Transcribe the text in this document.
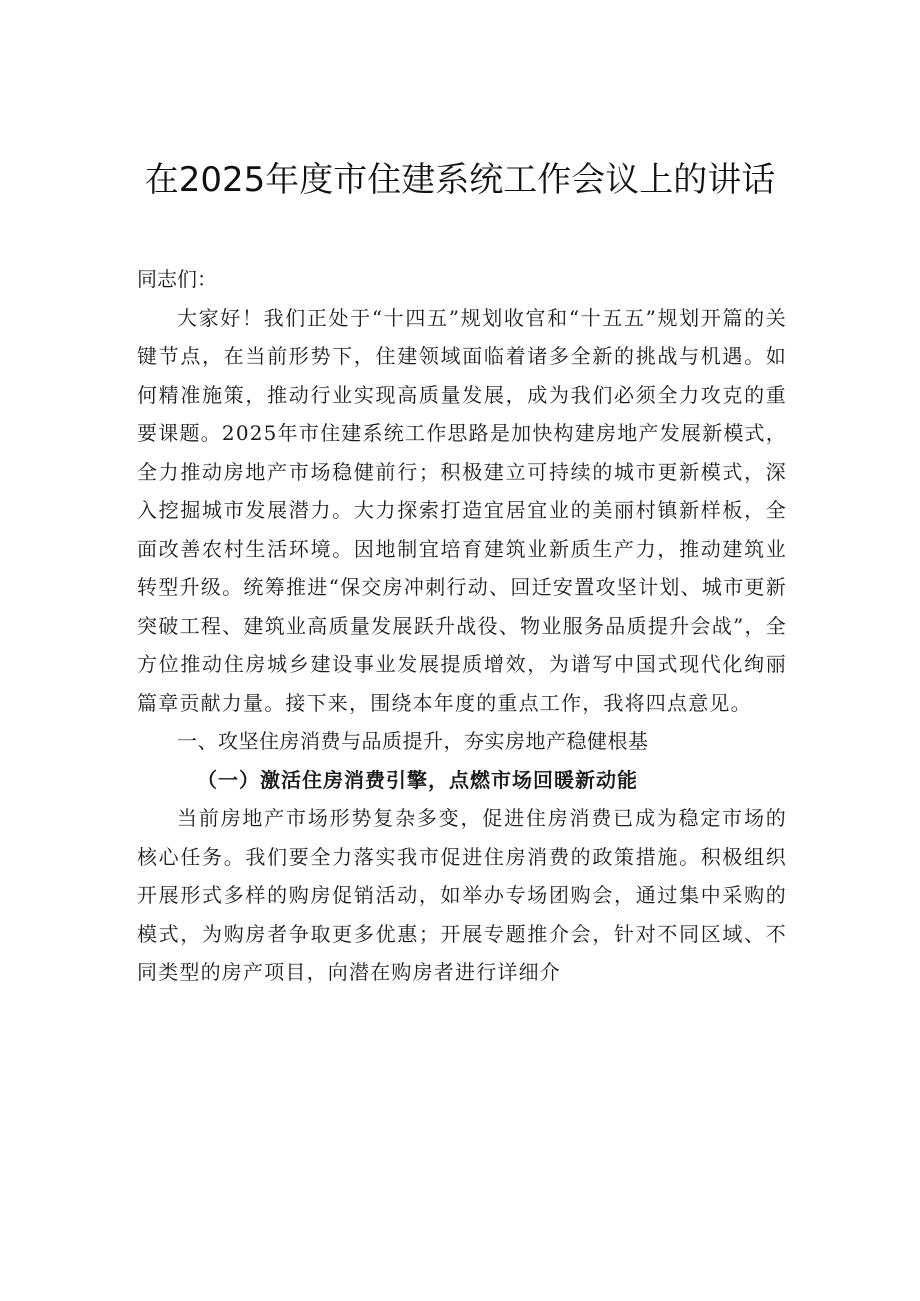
在2025年度市住建系统工作会议上的讲话

同志们：

大家好！我们正处于“十四五”规划收官和“十五五”规划开篇的关键节点，在当前形势下，住建领域面临着诸多全新的挑战与机遇。如何精准施策，推动行业实现高质量发展，成为我们必须全力攻克的重要课题。2025年市住建系统工作思路是加快构建房地产发展新模式，全力推动房地产市场稳健前行；积极建立可持续的城市更新模式，深入挖掘城市发展潜力。大力探索打造宜居宜业的美丽村镇新样板，全面改善农村生活环境。因地制宜培育建筑业新质生产力，推动建筑业转型升级。统筹推进“保交房冲刺行动、回迁安置攻坚计划、城市更新突破工程、建筑业高质量发展跃升战役、物业服务品质提升会战”，全方位推动住房城乡建设事业发展提质增效，为谱写中国式现代化绚丽篇章贡献力量。接下来，围绕本年度的重点工作，我将四点意见。

一、攻坚住房消费与品质提升，夯实房地产稳健根基

（一）激活住房消费引擎，点燃市场回暖新动能

当前房地产市场形势复杂多变，促进住房消费已成为稳定市场的核心任务。我们要全力落实我市促进住房消费的政策措施。积极组织开展形式多样的购房促销活动，如举办专场团购会，通过集中采购的模式，为购房者争取更多优惠；开展专题推介会，针对不同区域、不同类型的房产项目，向潜在购房者进行详细介
